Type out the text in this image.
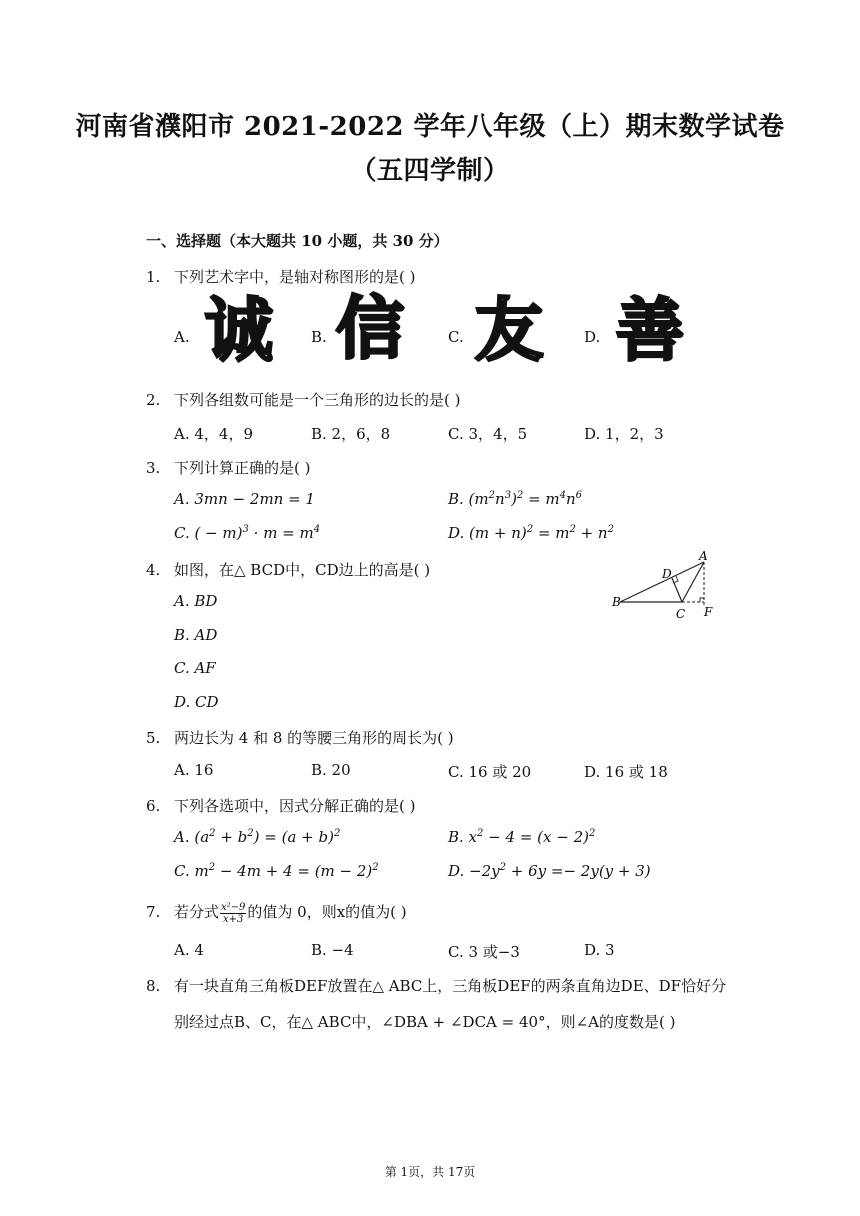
河南省濮阳市 2021-2022 学年八年级（上）期末数学试卷
（五四学制）
一、选择题（本大题共 10 小题，共 30 分）
1. 下列艺术字中，是轴对称图形的是( )
A. 诚	B. 信	C. 友	D. 善
2. 下列各组数可能是一个三角形的边长的是( )
A. 4，4，9	B. 2，6，8	C. 3，4，5	D. 1，2，3
3. 下列计算正确的是( )
A. 3mn − 2mn = 1	B. $(m^2n^3)^2 = m^4n^6$
C. ( − $m)^3 \cdot m = m^4$	D. $(m + n)^2 = m^2 + n^2$
4. 如图，在△ BCD中，CD边上的高是( )
A. BD
B. AD
C. AF
D. CD
A
D
B
C F
5. 两边长为 4 和 8 的等腰三角形的周长为( )
A. 16	B. 20	C. 16 或 20	D. 16 或 18
6. 下列各选项中，因式分解正确的是( )
A. $(a^2 + b^2) = (a + b)^2$	B. $x^2 - 4 = (x - 2)^2$
C. $m^2 - 4m + 4 = (m - 2)^2$	D. $-2y^2 + 6y =- 2y(y + 3)$
7. 若分式 $\frac{\text{x²−9}}{x+3}$ 的值为 0，则x的值为( )
A. 4	B. −4	C. 3 或−3	D. 3
8. 有一块直角三角板DEF放置在△ ABC上，三角板DEF的两条直角边DE、DF恰好分
别经过点B、C，在△ ABC中，∠DBA + ∠DCA = 40°，则∠A的度数是( )
第 1页，共 17页
